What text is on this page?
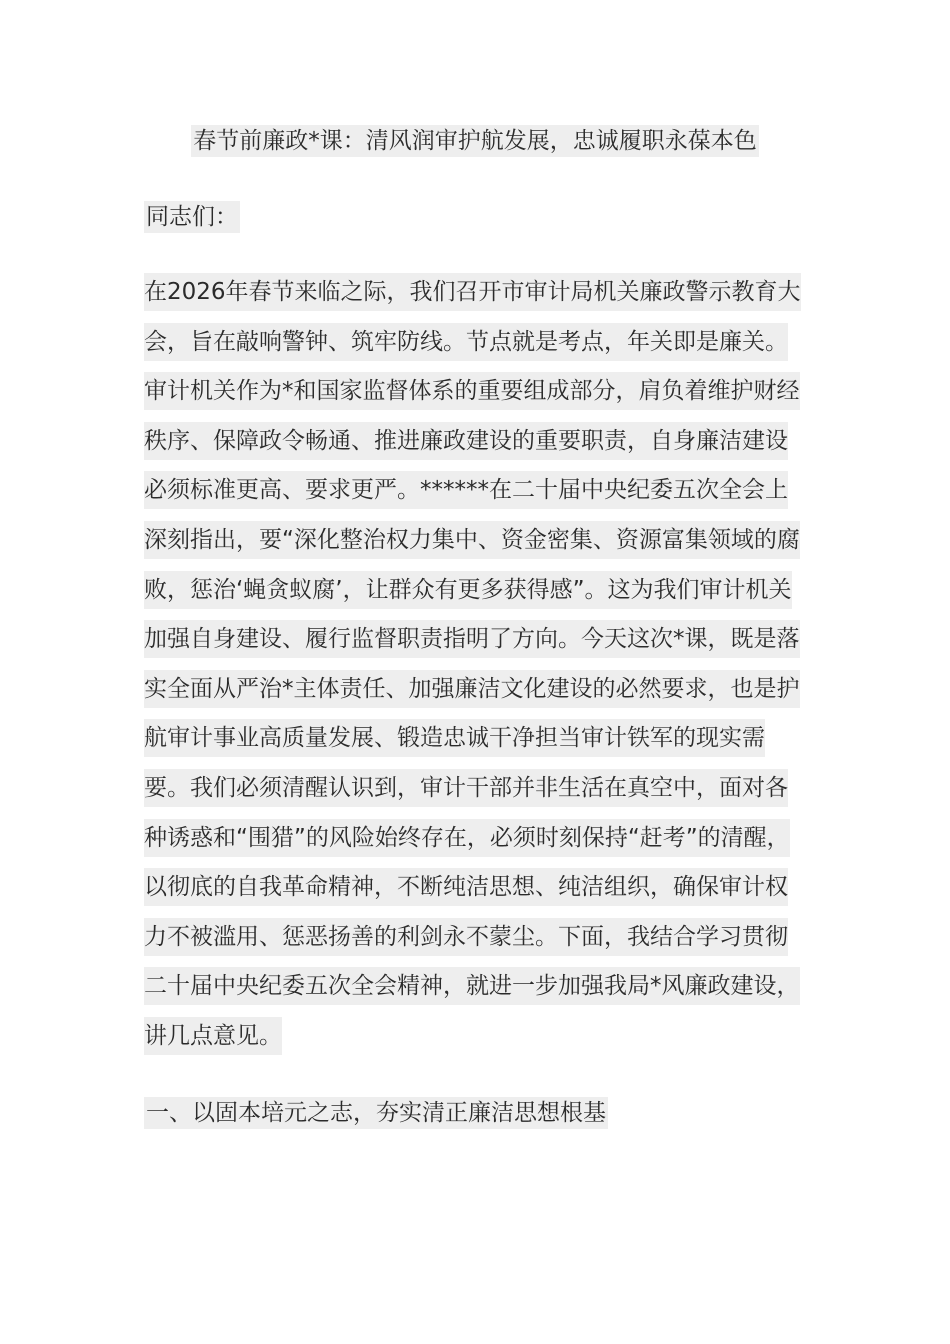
春节前廉政*课：清风润审护航发展，忠诚履职永葆本色

同志们：

在2026年春节来临之际，我们召开市审计局机关廉政警示教育大会，旨在敲响警钟、筑牢防线。节点就是考点，年关即是廉关。审计机关作为*和国家监督体系的重要组成部分，肩负着维护财经秩序、保障政令畅通、推进廉政建设的重要职责，自身廉洁建设必须标准更高、要求更严。******在二十届中央纪委五次全会上深刻指出，要“深化整治权力集中、资金密集、资源富集领域的腐败，惩治‘蝇贪蚁腐’，让群众有更多获得感”。这为我们审计机关加强自身建设、履行监督职责指明了方向。今天这次*课，既是落实全面从严治*主体责任、加强廉洁文化建设的必然要求，也是护航审计事业高质量发展、锻造忠诚干净担当审计铁军的现实需要。我们必须清醒认识到，审计干部并非生活在真空中，面对各种诱惑和“围猎”的风险始终存在，必须时刻保持“赶考”的清醒，以彻底的自我革命精神，不断纯洁思想、纯洁组织，确保审计权力不被滥用、惩恶扬善的利剑永不蒙尘。下面，我结合学习贯彻二十届中央纪委五次全会精神，就进一步加强我局*风廉政建设，讲几点意见。

一、以固本培元之志，夯实清正廉洁思想根基
